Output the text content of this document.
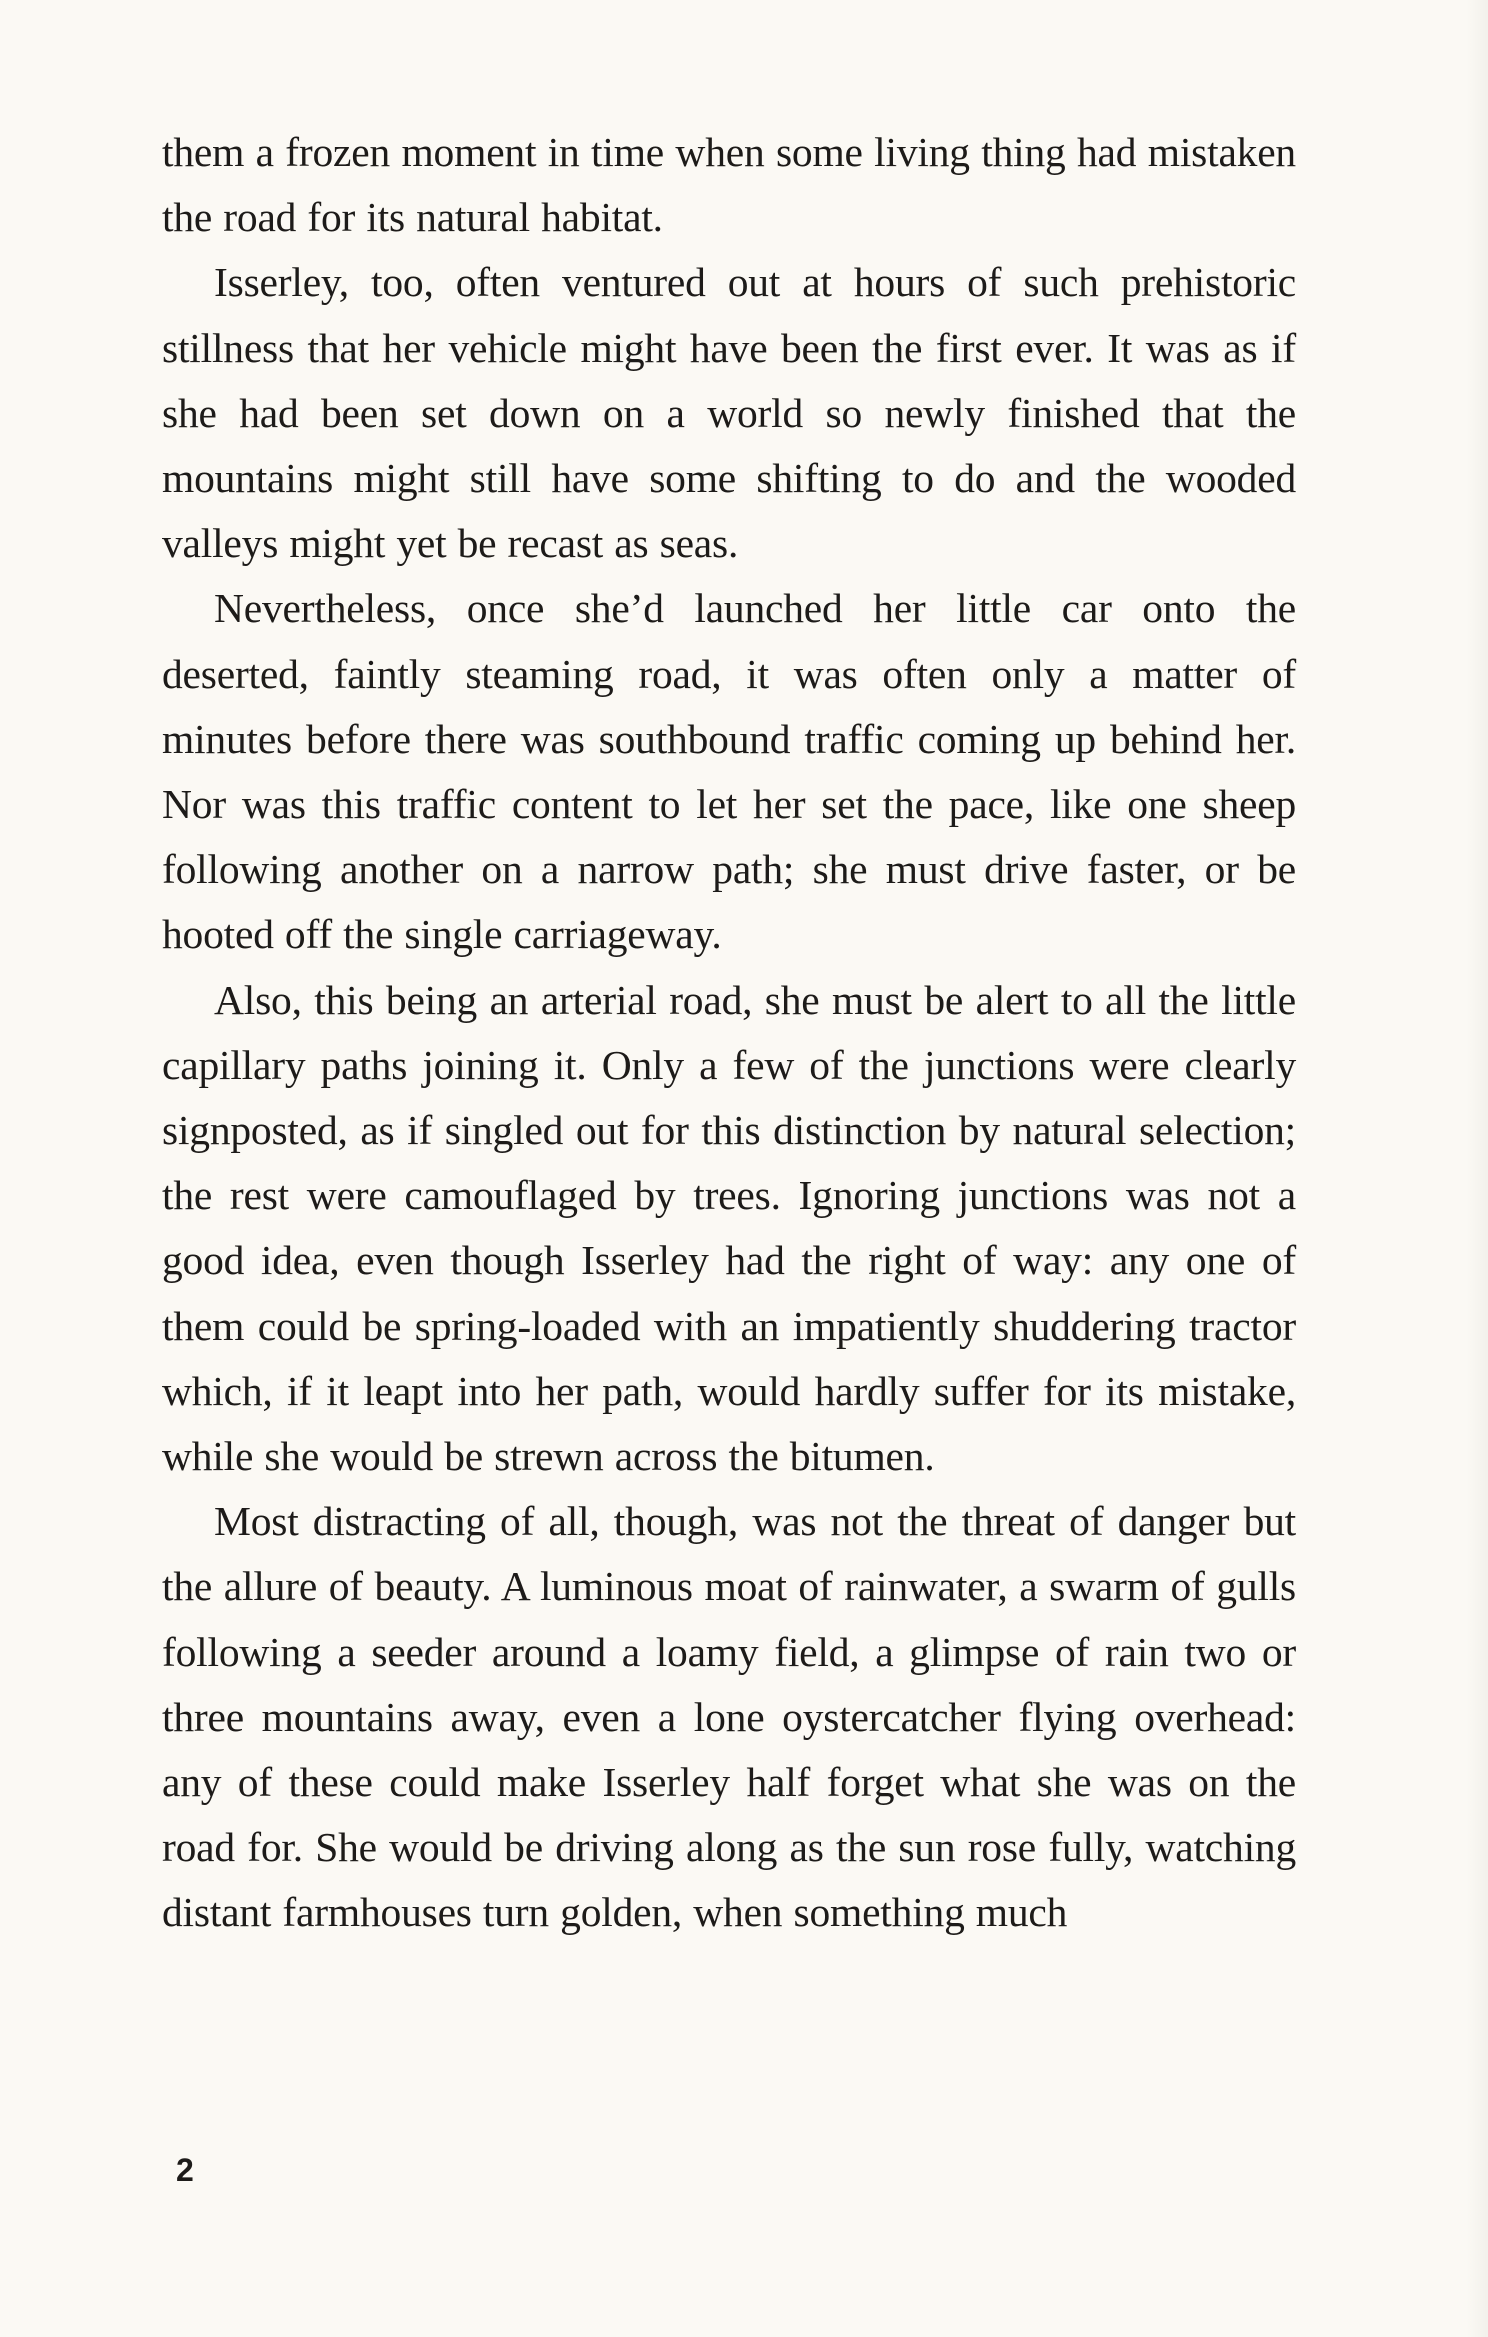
them a frozen moment in time when some living thing had mistaken the road for its natural habitat.

Isserley, too, often ventured out at hours of such prehistoric stillness that her vehicle might have been the first ever. It was as if she had been set down on a world so newly finished that the mountains might still have some shifting to do and the wooded valleys might yet be recast as seas.

Nevertheless, once she’d launched her little car onto the deserted, faintly steaming road, it was often only a matter of minutes before there was southbound traffic coming up behind her. Nor was this traffic content to let her set the pace, like one sheep following another on a narrow path; she must drive faster, or be hooted off the single carriageway.

Also, this being an arterial road, she must be alert to all the little capillary paths joining it. Only a few of the junctions were clearly signposted, as if singled out for this distinction by natural selection; the rest were camouflaged by trees. Ignoring junctions was not a good idea, even though Isserley had the right of way: any one of them could be spring-loaded with an impatiently shuddering tractor which, if it leapt into her path, would hardly suffer for its mistake, while she would be strewn across the bitumen.

Most distracting of all, though, was not the threat of danger but the allure of beauty. A luminous moat of rainwater, a swarm of gulls following a seeder around a loamy field, a glimpse of rain two or three mountains away, even a lone oystercatcher flying overhead: any of these could make Isserley half forget what she was on the road for. She would be driving along as the sun rose fully, watching distant farmhouses turn golden, when something much

2
